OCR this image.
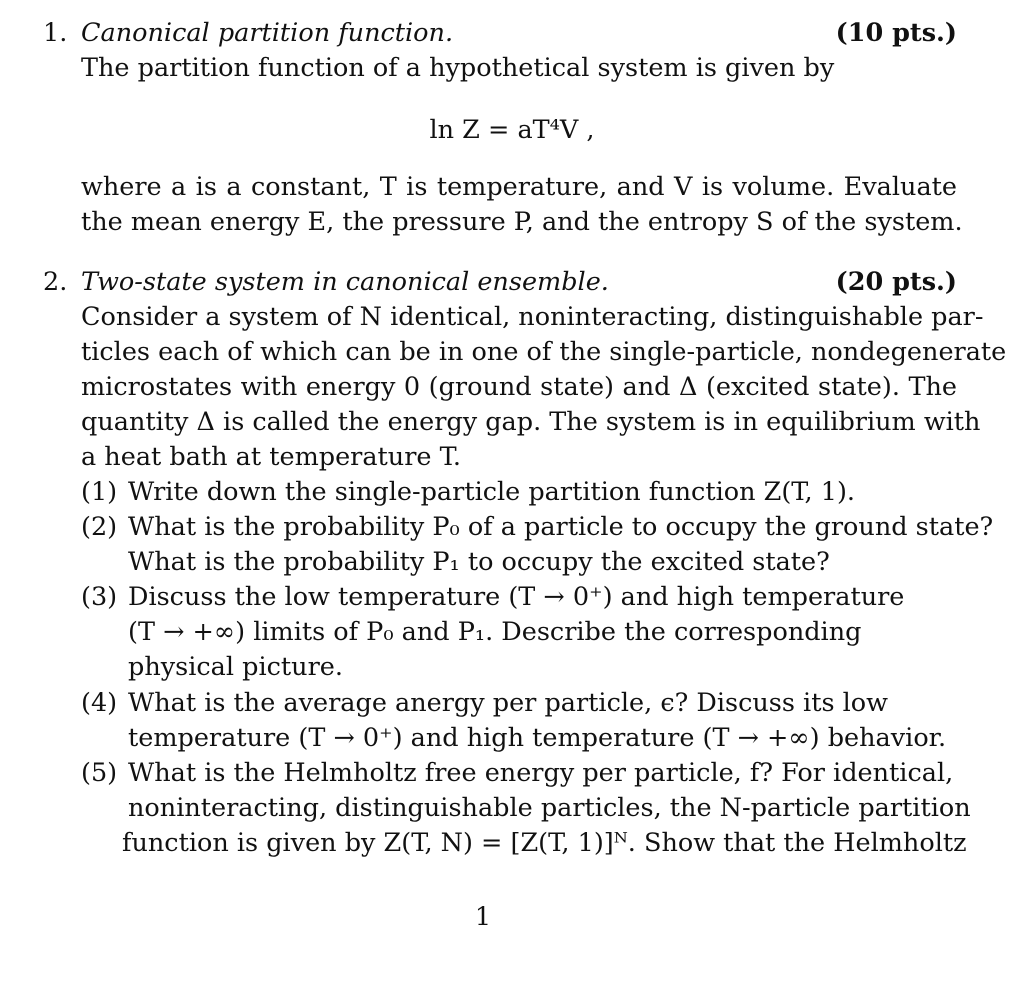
1. Canonical partition function.	(10 pts.)
The partition function of a hypothetical system is given by
ln Z = aT⁴V ,
where a is a constant, T is temperature, and V is volume. Evaluate
the mean energy E, the pressure P, and the entropy S of the system.
2. Two-state system in canonical ensemble.	(20 pts.)
Consider a system of N identical, noninteracting, distinguishable par-
ticles each of which can be in one of the single-particle, nondegenerate
microstates with energy 0 (ground state) and Δ (excited state). The
quantity Δ is called the energy gap. The system is in equilibrium with
a heat bath at temperature T.
(1) Write down the single-particle partition function Z(T, 1).
(2) What is the probability P₀ of a particle to occupy the ground state?
What is the probability P₁ to occupy the excited state?
(3) Discuss the low temperature (T → 0⁺) and high temperature
(T → +∞) limits of P₀ and P₁. Describe the corresponding
physical picture.
(4) What is the average anergy per particle, ϵ? Discuss its low
temperature (T → 0⁺) and high temperature (T → +∞) behavior.
(5) What is the Helmholtz free energy per particle, f? For identical,
noninteracting, distinguishable particles, the N-particle partition
function is given by Z(T, N) = [Z(T, 1)]ᴺ. Show that the Helmholtz
1
